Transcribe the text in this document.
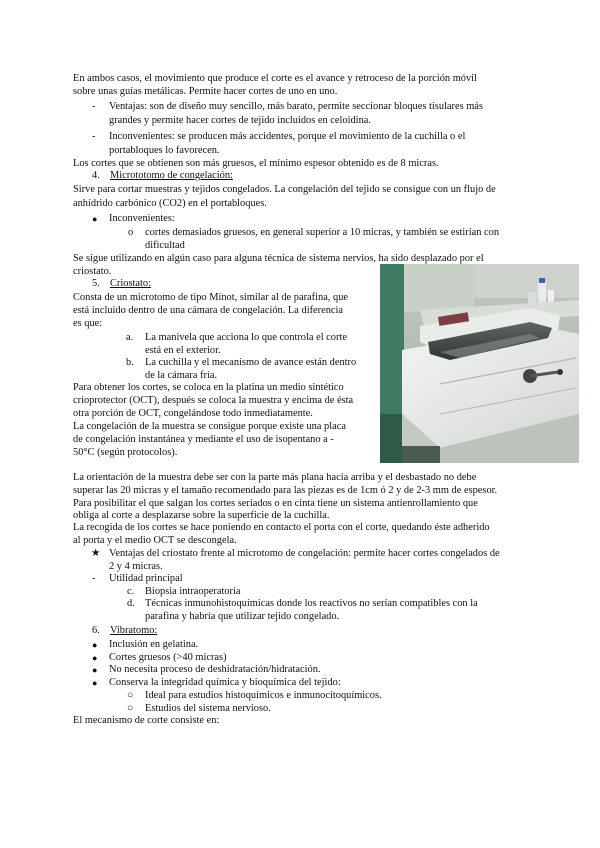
En ambos casos, el movimiento que produce el corte es el avance y retroceso de la porción móvil
sobre unas guías metálicas. Permite hacer cortes de uno en uno.
- Ventajas: son de diseño muy sencillo, más barato, permite seccionar bloques tisulares más
grandes y permite hacer cortes de tejido incluidos en celoidina.
- Inconvenientes: se producen más accidentes, porque el movimiento de la cuchilla o el
portabloques lo favorecen.
Los cortes que se obtienen son más gruesos, el mínimo espesor obtenido es de 8 micras.
4. Micrototomo de congelación:
Sirve para cortar muestras y tejidos congelados. La congelación del tejido se consigue con un flujo de
anhídrido carbónico (CO2) en el portabloques.
● Inconvenientes:
o cortes demasiados gruesos, en general superior a 10 micras, y también se estirian con
dificultad
Se sigue utilizando en algún caso para alguna técnica de sistema nervios, ha sido desplazado por el
criostato.
5. Criostato:
Consta de un microtomo de tipo Minot, similar al de parafina, que
está incluido dentro de una cámara de congelación. La diferencia
es que:
a. La manivela que acciona lo que controla el corte
está en el exterior.
b. La cuchilla y el mecanismo de avance están dentro
de la cámara fría.
Para obtener los cortes, se coloca en la platina un medio sintético
crioprotector (OCT), después se coloca la muestra y encima de ésta
otra porción de OCT, congelándose todo inmediatamente.
La congelación de la muestra se consigue porque existe una placa
de congelación instantánea y mediante el uso de isopentano a -
50°C (según protocolos).
La orientación de la muestra debe ser con la parte más plana hacia arriba y el desbastado no debe
superar las 20 micras y el tamaño recomendado para las piezas es de 1cm ó 2 y de 2-3 mm de espesor.
Para posibilitar el que salgan los cortes seriados o en cinta tiene un sistema antienrollamiento que
obliga al corte a desplazarse sobre la superficie de la cuchilla.
La recogida de los cortes se hace poniendo en contacto el porta con el corte, quedando éste adherido
al porta y el medio OCT se descongela.
★ Ventajas del criostato frente al microtomo de congelación: permite hacer cortes congelados de
2 y 4 micras.
- Utilidad principal
c. Biopsia intraoperatoria
d. Técnicas inmunohistoquímicas donde los reactivos no serían compatibles con la
parafina y habría que utilizar tejido congelado.
6. Vibratomo:
● Inclusión en gelatina.
● Cortes gruesos (>40 micras)
● No necesita proceso de deshidratación/hidratación.
● Conserva la integridad química y bioquímica del tejido:
○ Ideal para estudios histoquímicos e inmunocitoquímicos.
○ Estudios del sistema nervioso.
El mecanismo de corte consiste en:
